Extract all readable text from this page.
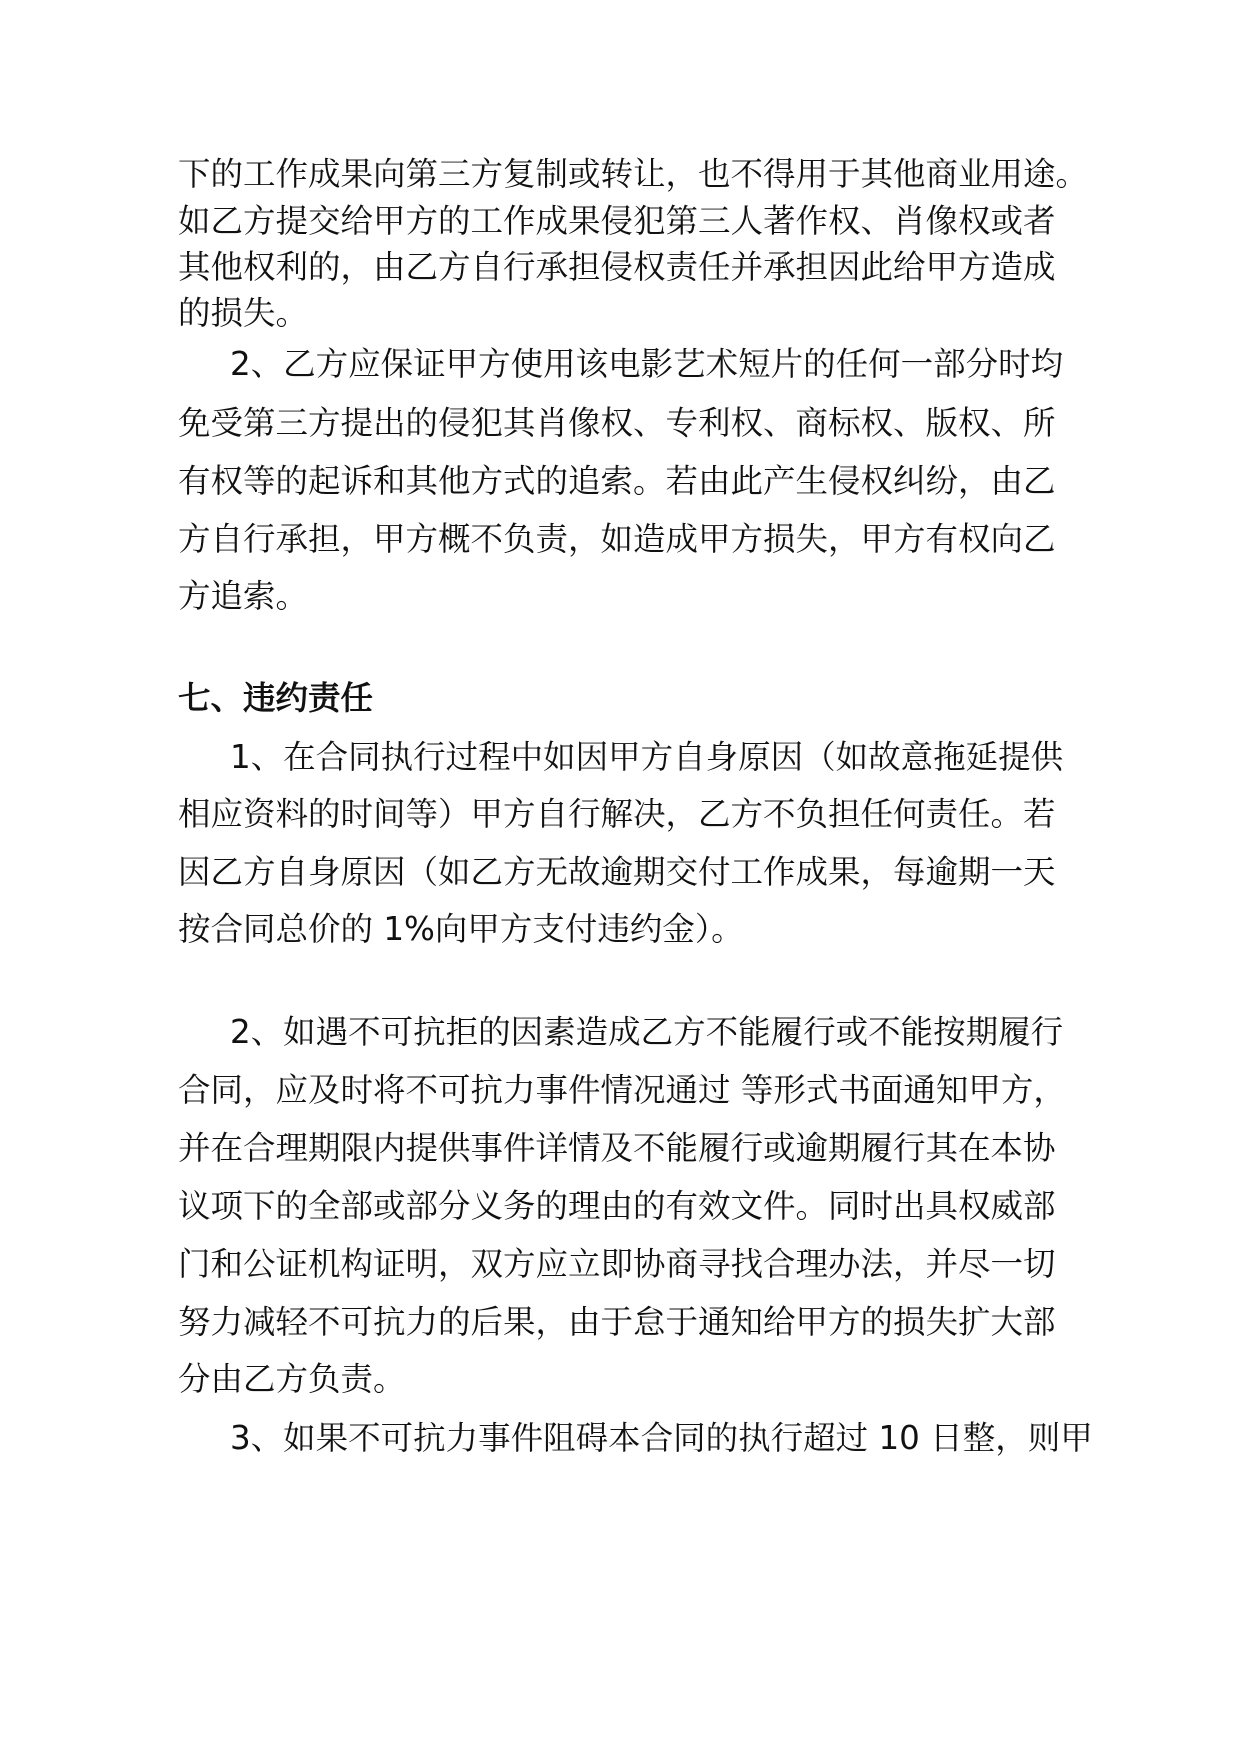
下的工作成果向第三方复制或转让，也不得用于其他商业用途。
如乙方提交给甲方的工作成果侵犯第三人著作权、肖像权或者
其他权利的，由乙方自行承担侵权责任并承担因此给甲方造成
的损失。
2、乙方应保证甲方使用该电影艺术短片的任何一部分时均
免受第三方提出的侵犯其肖像权、专利权、商标权、版权、所
有权等的起诉和其他方式的追索。若由此产生侵权纠纷，由乙
方自行承担，甲方概不负责，如造成甲方损失，甲方有权向乙
方追索。
七、违约责任
1、在合同执行过程中如因甲方自身原因（如故意拖延提供
相应资料的时间等）甲方自行解决，乙方不负担任何责任。若
因乙方自身原因（如乙方无故逾期交付工作成果，每逾期一天
按合同总价的 1%向甲方支付违约金）。
2、如遇不可抗拒的因素造成乙方不能履行或不能按期履行
合同，应及时将不可抗力事件情况通过 等形式书面通知甲方，
并在合理期限内提供事件详情及不能履行或逾期履行其在本协
议项下的全部或部分义务的理由的有效文件。同时出具权威部
门和公证机构证明，双方应立即协商寻找合理办法，并尽一切
努力减轻不可抗力的后果，由于怠于通知给甲方的损失扩大部
分由乙方负责。
3、如果不可抗力事件阻碍本合同的执行超过 10 日整，则甲
